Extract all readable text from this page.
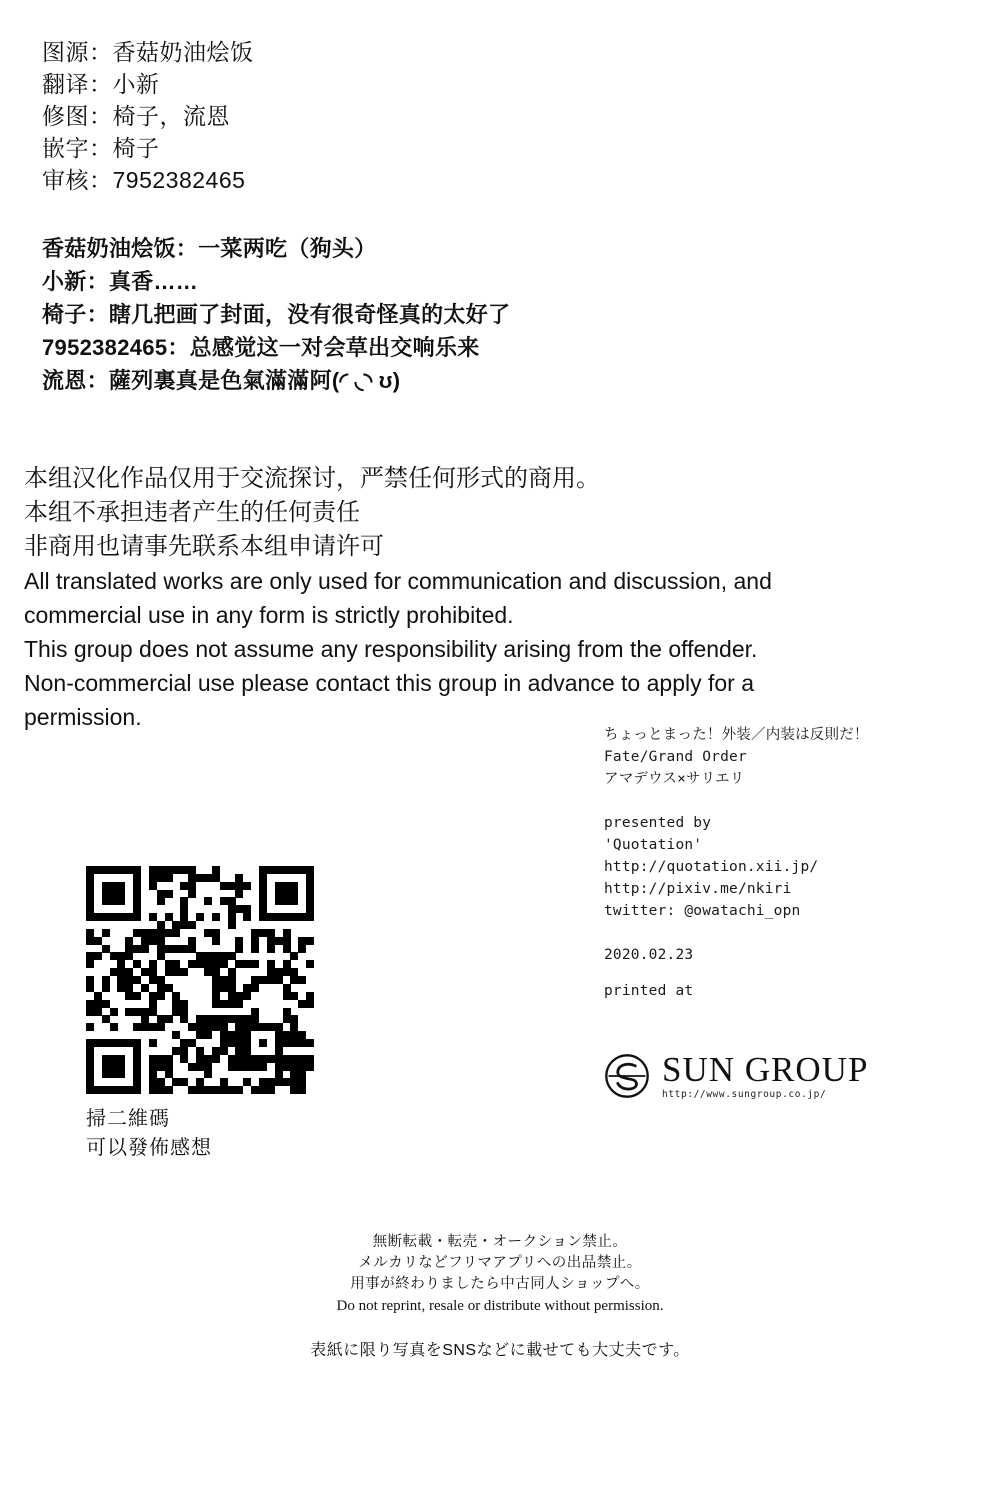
图源：香菇奶油烩饭
翻译：小新
修图：椅子，流恩
嵌字：椅子
审核：7952382465
香菇奶油烩饭：一菜两吃（狗头）
小新：真香……
椅子：瞎几把画了封面，没有很奇怪真的太好了
7952382465：总感觉这一对会草出交响乐来
流恩：薩列裏真是色氣滿滿阿(◜ ◟◝ ʊ)
本组汉化作品仅用于交流探讨，严禁任何形式的商用。
本组不承担违者产生的任何责任
非商用也请事先联系本组申请许可
All translated works are only used for communication and discussion, and
commercial use in any form is strictly prohibited.
This group does not assume any responsibility arising from the offender.
Non-commercial use please contact this group in advance to apply for a
permission.
掃二維碼
可以發佈感想
ちょっとまった！外装／内装は反則だ！
Fate/Grand Order
アマデウス×サリエリ
presented by
'Quotation'
http://quotation.xii.jp/
http://pixiv.me/nkiri
twitter: @owatachi_opn
2020.02.23
printed at
SUN GROUP
http://www.sungroup.co.jp/
無断転載・転売・オークション禁止。
メルカリなどフリマアプリへの出品禁止。
用事が終わりましたら中古同人ショップへ。
Do not reprint, resale or distribute without permission.
表紙に限り写真をSNSなどに載せても大丈夫です。
